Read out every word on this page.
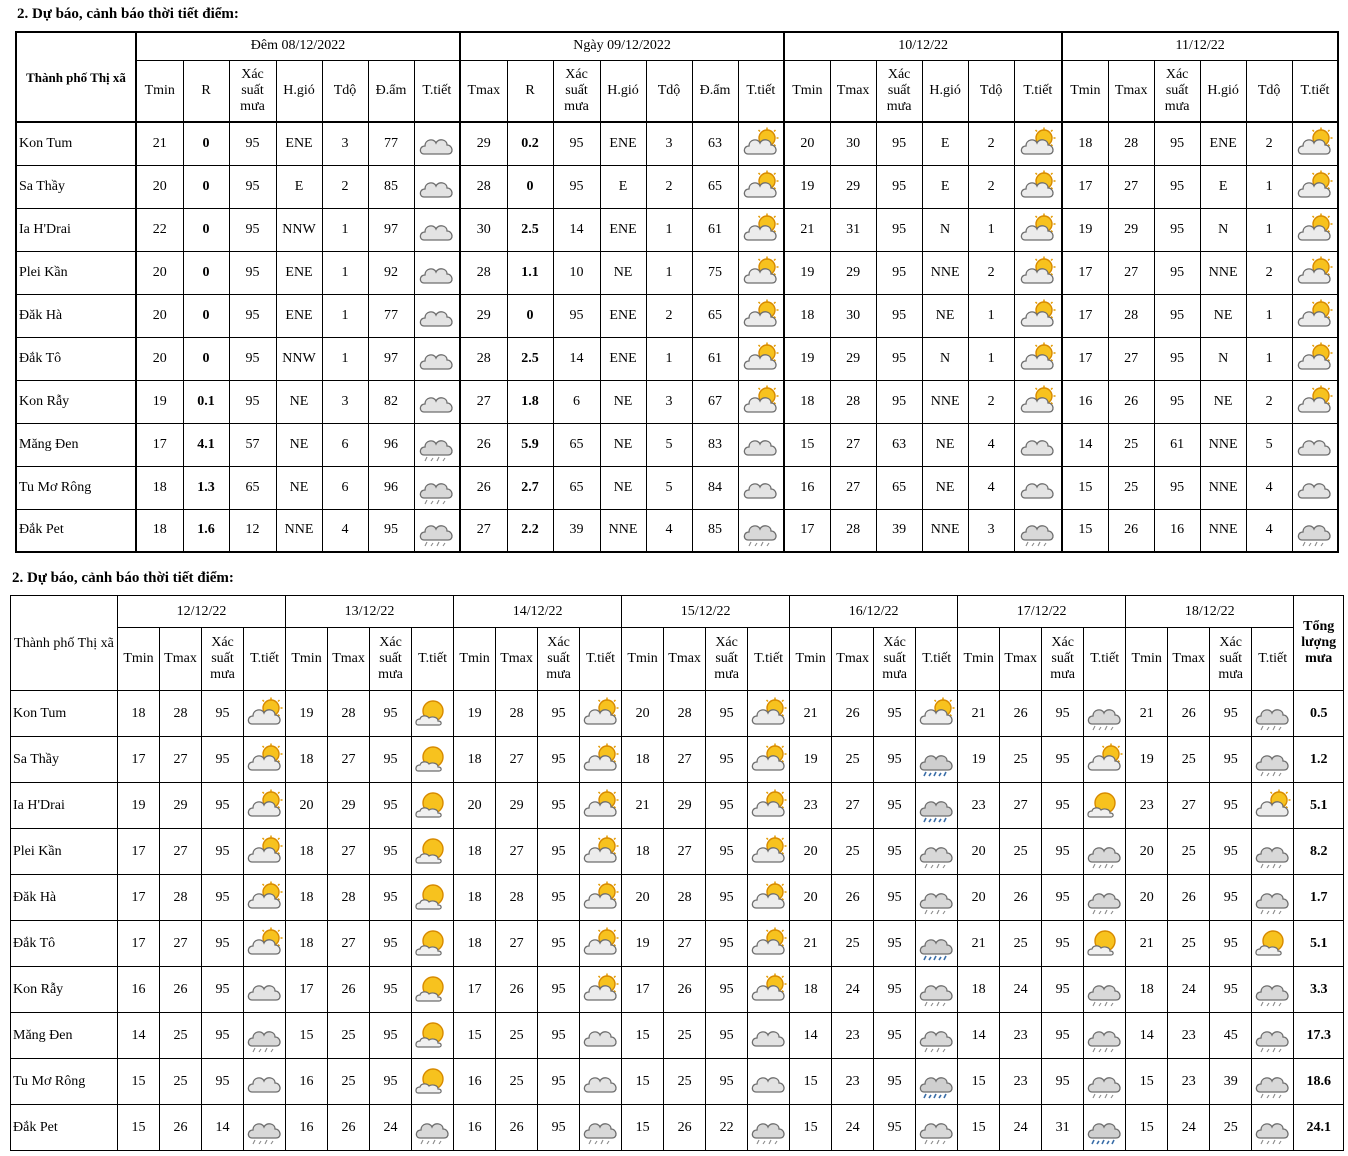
2. Dự báo, cảnh báo thời tiết điểm:
Thành phố Thị xã	Đêm 08/12/2022							Ngày 09/12/2022							10/12/22						11/12/22					
	Tmin	R	Xác suất mưa	H.gió	Tdộ	Đ.ẩm	T.tiết	Tmax	R	Xác suất mưa	H.gió	Tdộ	Đ.ẩm	T.tiết	Tmin	Tmax	Xác suất mưa	H.gió	Tdộ	T.tiết	Tmin	Tmax	Xác suất mưa	H.gió	Tdộ	T.tiết
Kon Tum	21	0	95	ENE	3	77		29	0.2	95	ENE	3	63		20	30	95	E	2		18	28	95	ENE	2	

Sa Thầy	20	0	95	E	2	85		28	0	95	E	2	65		19	29	95	E	2		17	27	95	E	1	

Ia H'Drai	22	0	95	NNW	1	97		30	2.5	14	ENE	1	61		21	31	95	N	1		19	29	95	N	1	

Plei Kần	20	0	95	ENE	1	92		28	1.1	10	NE	1	75		19	29	95	NNE	2		17	27	95	NNE	2	

Đăk Hà	20	0	95	ENE	1	77		29	0	95	ENE	2	65		18	30	95	NE	1		17	28	95	NE	1	

Đắk Tô	20	0	95	NNW	1	97		28	2.5	14	ENE	1	61		19	29	95	N	1		17	27	95	N	1	

Kon Rẫy	19	0.1	95	NE	3	82		27	1.8	6	NE	3	67		18	28	95	NNE	2		16	26	95	NE	2	

Măng Đen	17	4.1	57	NE	6	96		26	5.9	65	NE	5	83		15	27	63	NE	4		14	25	61	NNE	5	

Tu Mơ Rông	18	1.3	65	NE	6	96		26	2.7	65	NE	5	84		16	27	65	NE	4		15	25	95	NNE	4	

Đắk Pet	18	1.6	12	NNE	4	95		27	2.2	39	NNE	4	85		17	28	39	NNE	3		15	26	16	NNE	4	
2. Dự báo, cảnh báo thời tiết điểm:
Thành phố Thị xã	12/12/22				13/12/22				14/12/22				15/12/22				16/12/22				17/12/22				18/12/22				Tổng lượng mưa
	Tmin	Tmax	Xác suất mưa	T.tiết	Tmin	Tmax	Xác suất mưa	T.tiết	Tmin	Tmax	Xác suất mưa	T.tiết	Tmin	Tmax	Xác suất mưa	T.tiết	Tmin	Tmax	Xác suất mưa	T.tiết	Tmin	Tmax	Xác suất mưa	T.tiết	Tmin	Tmax	Xác suất mưa	T.tiết	
Kon Tum	18	28	95		19	28	95		19	28	95		20	28	95		21	26	95		21	26	95		21	26	95		0.5
Sa Thầy	17	27	95		18	27	95		18	27	95		18	27	95		19	25	95		19	25	95		19	25	95		1.2
Ia H'Drai	19	29	95		20	29	95		20	29	95		21	29	95		23	27	95		23	27	95		23	27	95		5.1
Plei Kần	17	27	95		18	27	95		18	27	95		18	27	95		20	25	95		20	25	95		20	25	95		8.2
Đăk Hà	17	28	95		18	28	95		18	28	95		20	28	95		20	26	95		20	26	95		20	26	95		1.7
Đắk Tô	17	27	95		18	27	95		18	27	95		19	27	95		21	25	95		21	25	95		21	25	95		5.1
Kon Rẫy	16	26	95		17	26	95		17	26	95		17	26	95		18	24	95		18	24	95		18	24	95		3.3
Măng Đen	14	25	95		15	25	95		15	25	95		15	25	95		14	23	95		14	23	95		14	23	45		17.3
Tu Mơ Rông	15	25	95		16	25	95		16	25	95		15	25	95		15	23	95		15	23	95		15	23	39		18.6
Đắk Pet	15	26	14		16	26	24		16	26	95		15	26	22		15	24	95		15	24	31		15	24	25		24.1
